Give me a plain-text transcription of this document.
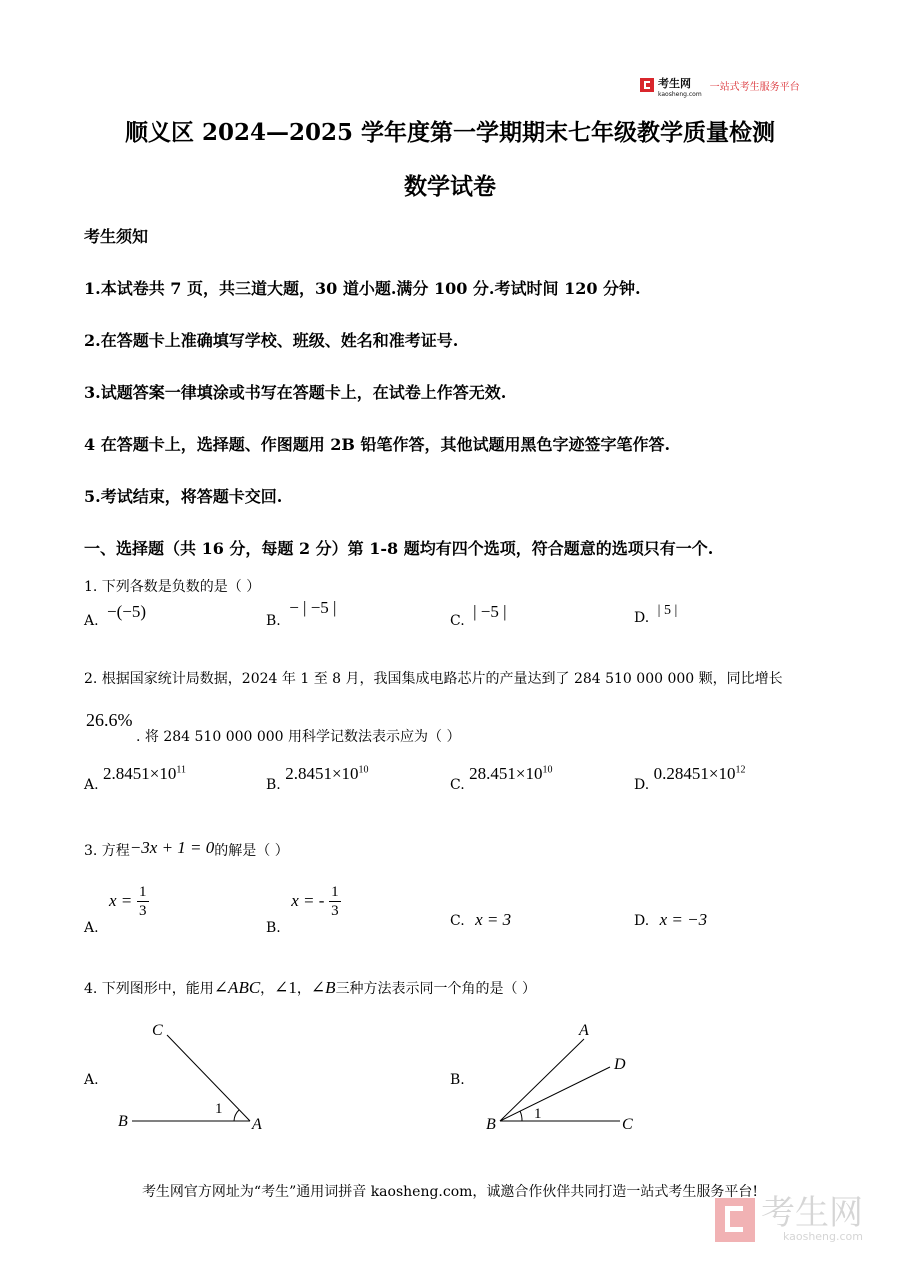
考生网
kaosheng.com
一站式考生服务平台
顺义区 2024—2025 学年度第一学期期末七年级教学质量检测
数学试卷
考生须知
1.本试卷共 7 页，共三道大题，30 道小题.满分 100 分.考试时间 120 分钟.
2.在答题卡上准确填写学校、班级、姓名和准考证号.
3.试题答案一律填涂或书写在答题卡上，在试卷上作答无效.
4 在答题卡上，选择题、作图题用 2B 铅笔作答，其他试题用黑色字迹签字笔作答.
5.考试结束，将答题卡交回.
一、选择题（共 16 分，每题 2 分）第 1-8 题均有四个选项，符合题意的选项只有一个.
1. 下列各数是负数的是（ ）
A. −(−5)	B. − | −5 |
C. | −5 |	D. | 5 |
2. 根据国家统计局数据，2024 年 1 至 8 月，我国集成电路芯片的产量达到了 284 510 000 000 颗，同比增长
26.6%
. 将 284 510 000 000 用科学记数法表示应为（ ）
A. $2.8451\times 10^{11}$
B. $2.8451\times 10^{10}$
C. $28.451\times 10^{10}$
D. $0.28451\times 10^{12}$
3. 方程−3x + 1 = 0的解是（ ）
A. $x = \frac{1}{3}$
B. x = - $\frac{1}{3}$
C. x = 3	D. x = −3
4. 下列图形中，能用∠ABC，∠1，∠B三种方法表示同一个角的是（ ）
A.
C
B	A
1
B.
A
D
B	C
1
考生网官方网址为“考生”通用词拼音 kaosheng.com，诚邀合作伙伴共同打造一站式考生服务平台!
考生网
kaosheng.com
